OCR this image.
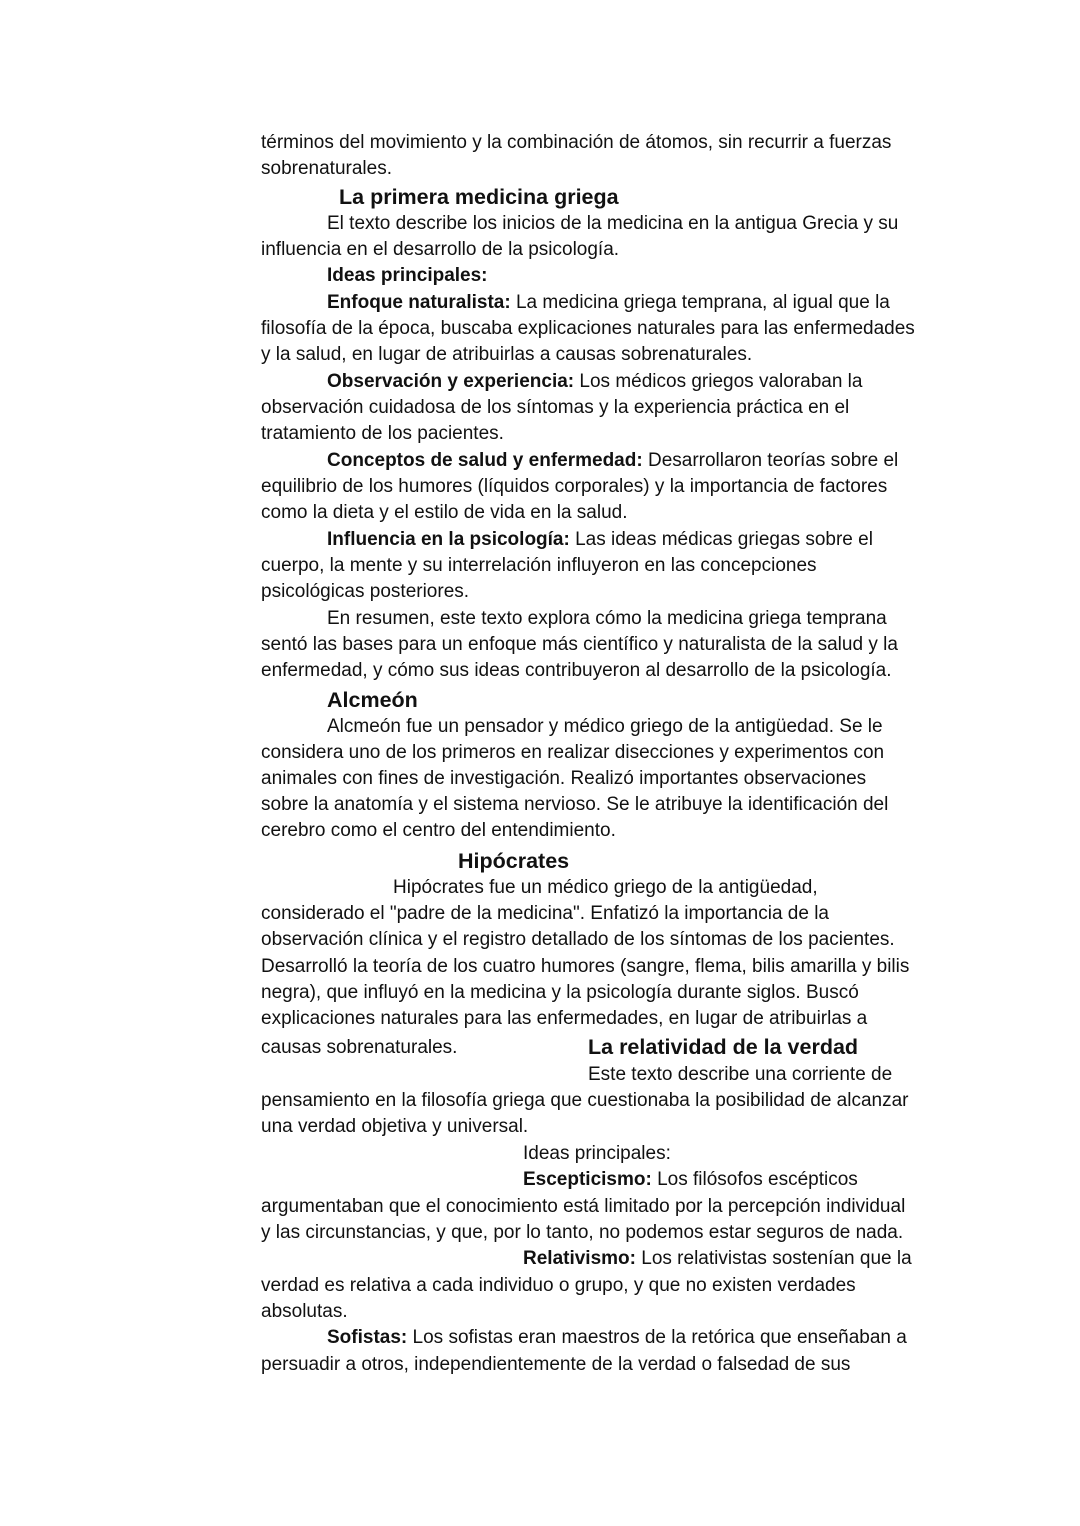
términos del movimiento y la combinación de átomos, sin recurrir a fuerzas

sobrenaturales.

La primera medicina griega

El texto describe los inicios de la medicina en la antigua Grecia y su

influencia en el desarrollo de la psicología.

Ideas principales:

Enfoque naturalista: La medicina griega temprana, al igual que la

filosofía de la época, buscaba explicaciones naturales para las enfermedades

y la salud, en lugar de atribuirlas a causas sobrenaturales.

Observación y experiencia: Los médicos griegos valoraban la

observación cuidadosa de los síntomas y la experiencia práctica en el

tratamiento de los pacientes.

Conceptos de salud y enfermedad: Desarrollaron teorías sobre el

equilibrio de los humores (líquidos corporales) y la importancia de factores

como la dieta y el estilo de vida en la salud.

Influencia en la psicología: Las ideas médicas griegas sobre el

cuerpo, la mente y su interrelación influyeron en las concepciones

psicológicas posteriores.

En resumen, este texto explora cómo la medicina griega temprana

sentó las bases para un enfoque más científico y naturalista de la salud y la

enfermedad, y cómo sus ideas contribuyeron al desarrollo de la psicología.

Alcmeón

Alcmeón fue un pensador y médico griego de la antigüedad. Se le

considera uno de los primeros en realizar disecciones y experimentos con

animales con fines de investigación. Realizó importantes observaciones

sobre la anatomía y el sistema nervioso. Se le atribuye la identificación del

cerebro como el centro del entendimiento.

Hipócrates

Hipócrates fue un médico griego de la antigüedad,

considerado el "padre de la medicina". Enfatizó la importancia de la

observación clínica y el registro detallado de los síntomas de los pacientes.

Desarrolló la teoría de los cuatro humores (sangre, flema, bilis amarilla y bilis

negra), que influyó en la medicina y la psicología durante siglos. Buscó

explicaciones naturales para las enfermedades, en lugar de atribuirlas a

causas sobrenaturales.	La relatividad de la verdad

Este texto describe una corriente de

pensamiento en la filosofía griega que cuestionaba la posibilidad de alcanzar

una verdad objetiva y universal.

Ideas principales:

Escepticismo: Los filósofos escépticos

argumentaban que el conocimiento está limitado por la percepción individual

y las circunstancias, y que, por lo tanto, no podemos estar seguros de nada.

Relativismo: Los relativistas sostenían que la

verdad es relativa a cada individuo o grupo, y que no existen verdades

absolutas.

Sofistas: Los sofistas eran maestros de la retórica que enseñaban a

persuadir a otros, independientemente de la verdad o falsedad de sus
